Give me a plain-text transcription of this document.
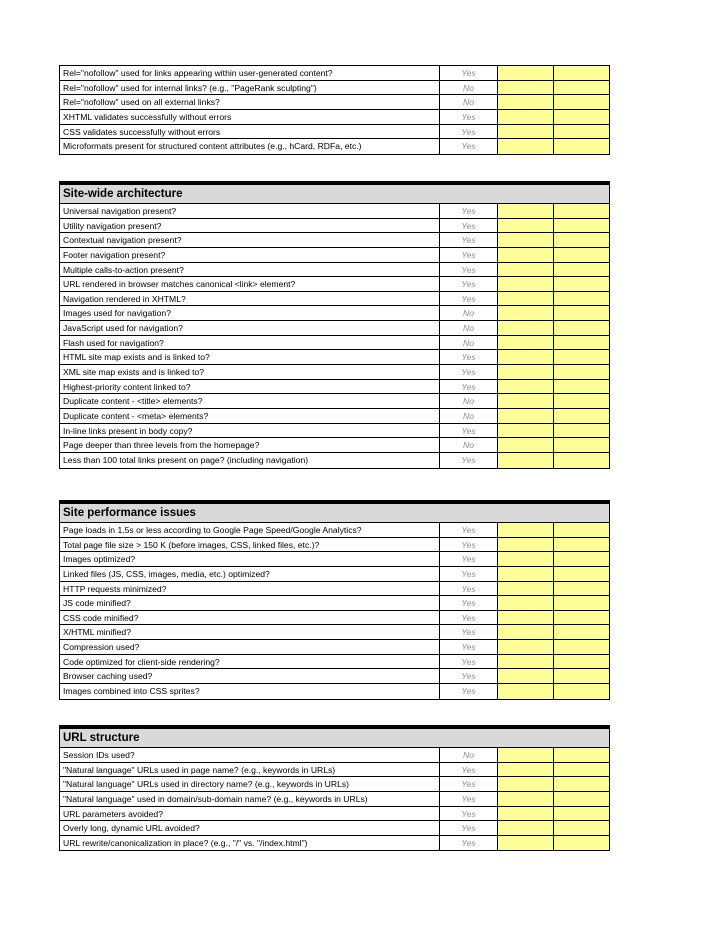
Rel="nofollow" used for links appearing within user-generated content?	Yes
Rel="nofollow" used for internal links? (e.g., "PageRank sculpting")	No
Rel="nofollow" used on all external links?	No
XHTML validates successfully without errors	Yes
CSS validates successfully without errors	Yes
Microformats present for structured content attributes (e.g., hCard, RDFa, etc.)	Yes
Site-wide architecture
Universal navigation present?	Yes
Utility navigation present?	Yes
Contextual navigation present?	Yes
Footer navigation present?	Yes
Multiple calls-to-action present?	Yes
URL rendered in browser matches canonical <link> element?	Yes
Navigation rendered in XHTML?	Yes
Images used for navigation?	No
JavaScript used for navigation?	No
Flash used for navigation?	No
HTML site map exists and is linked to?	Yes
XML site map exists and is linked to?	Yes
Highest-priority content linked to?	Yes
Duplicate content - <title> elements?	No
Duplicate content - <meta> elements?	No
In-line links present in body copy?	Yes
Page deeper than three levels from the homepage?	No
Less than 100 total links present on page? (including navigation)	Yes
Site performance issues
Page loads in 1.5s or less according to Google Page Speed/Google Analytics?	Yes
Total page file size > 150 K (before images, CSS, linked files, etc.)?	Yes
Images optimized?	Yes
Linked files (JS, CSS, images, media, etc.) optimized?	Yes
HTTP requests minimized?	Yes
JS code minified?	Yes
CSS code minified?	Yes
X/HTML minified?	Yes
Compression used?	Yes
Code optimized for client-side rendering?	Yes
Browser caching used?	Yes
Images combined into CSS sprites?	Yes
URL structure
Session IDs used?	No
"Natural language" URLs used in page name? (e.g., keywords in URLs)	Yes
"Natural language" URLs used in directory name? (e.g., keywords in URLs)	Yes
"Natural language" used in domain/sub-domain name? (e.g., keywords in URLs)	Yes
URL parameters avoided?	Yes
Overly long, dynamic URL avoided?	Yes
URL rewrite/canonicalization in place? (e.g., "/" vs. "/index.html")	Yes
